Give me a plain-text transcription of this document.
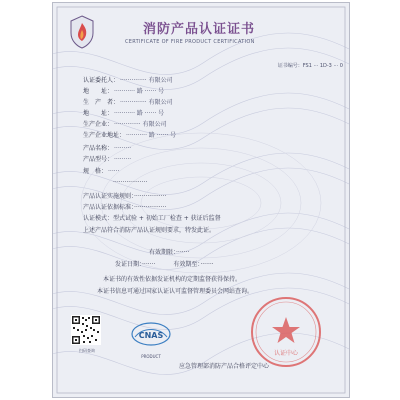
消防产品认证证书
CERTIFICATE OF FIRE PRODUCT CERTIFICATION
证书编号：FS1 ··· 1D-3 ··· 0
认证委托人： ·············· 有限公司
地　　址： ··········· 路 ······ 号
生　产　者： ·············· 有限公司
地　　址： ··········· 路 ······ 号
生产企业： ·············· 有限公司
生产企业地址： ··········· 路 ······ 号
产品名称： ·········
产品型号： ·········
规　格： ······
··················
产品认证实施规则：·················
产品认证依据标准：·················
认证模式：型式试验 + 初始工厂检查 + 获证后监督
上述产品符合消防产品认证规则要求，特发此证。
有效期限：·······
发证日期：·······　　　有效期至：·······
本证书的有效性依据发证机构的定期监督获得保持。
本证书信息可通过国家认证认可监督管理委员会网站查询。
扫码查询
CNAS
PRODUCT	认证中心
应急管理部消防产品合格评定中心
